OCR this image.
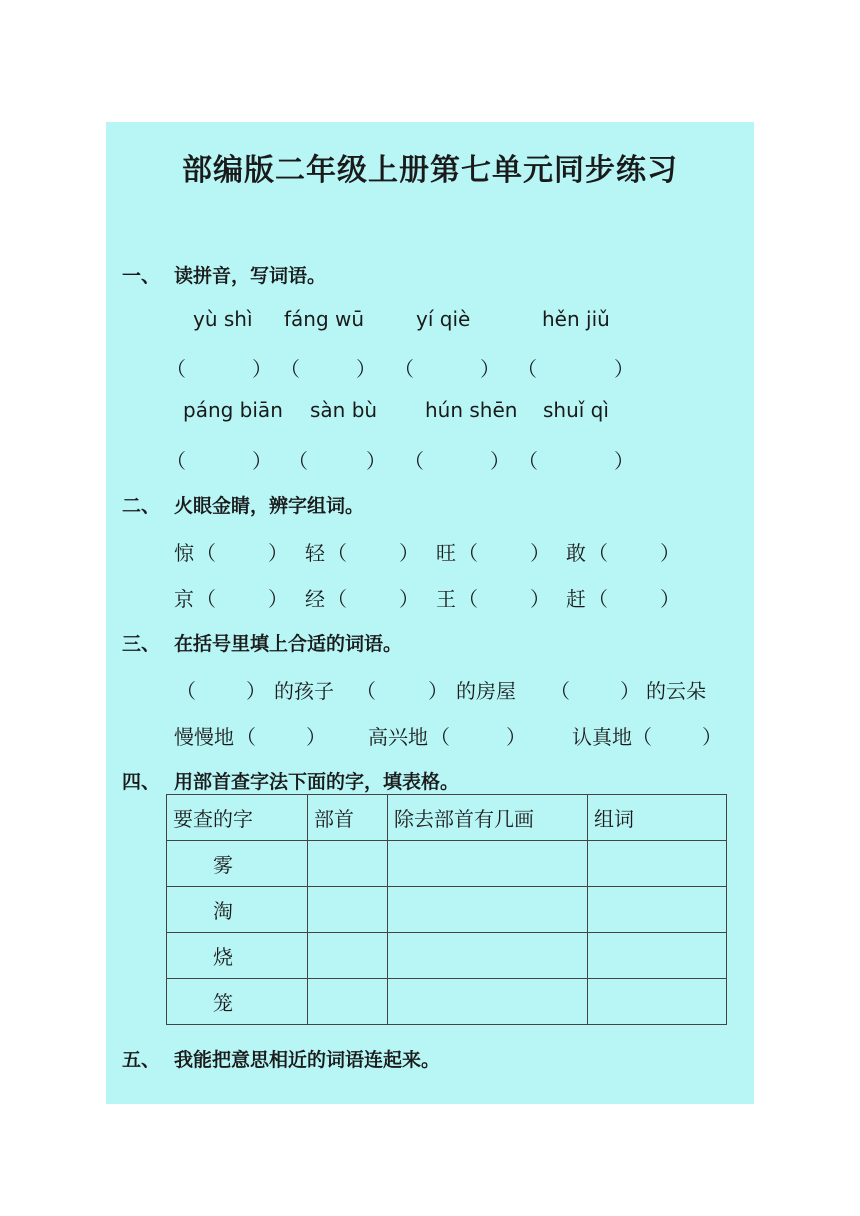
部编版二年级上册第七单元同步练习
一、 读拼音，写词语。
yù shì fáng wū	yí qiè	hěn jiǔ
（	） （	） （	） （	）
páng biān sàn bù hún shēn shuǐ qì
（	） （	） （	） （	）
二、 火眼金睛，辨字组词。
惊 （	） 轻 （	） 旺 （	） 敢 （	）
京 （	） 经 （	） 王 （	） 赶 （	）
三、 在括号里填上合适的词语。
（	） 的孩子 （	） 的房屋 （	） 的云朵
慢慢地 （	） 高兴地 （	） 认真地 （	）
四、 用部首查字法下面的字，填表格。
要查的字	部首	除去部首有几画	组词
雾			
淘			
烧			
笼			
五、 我能把意思相近的词语连起来。
